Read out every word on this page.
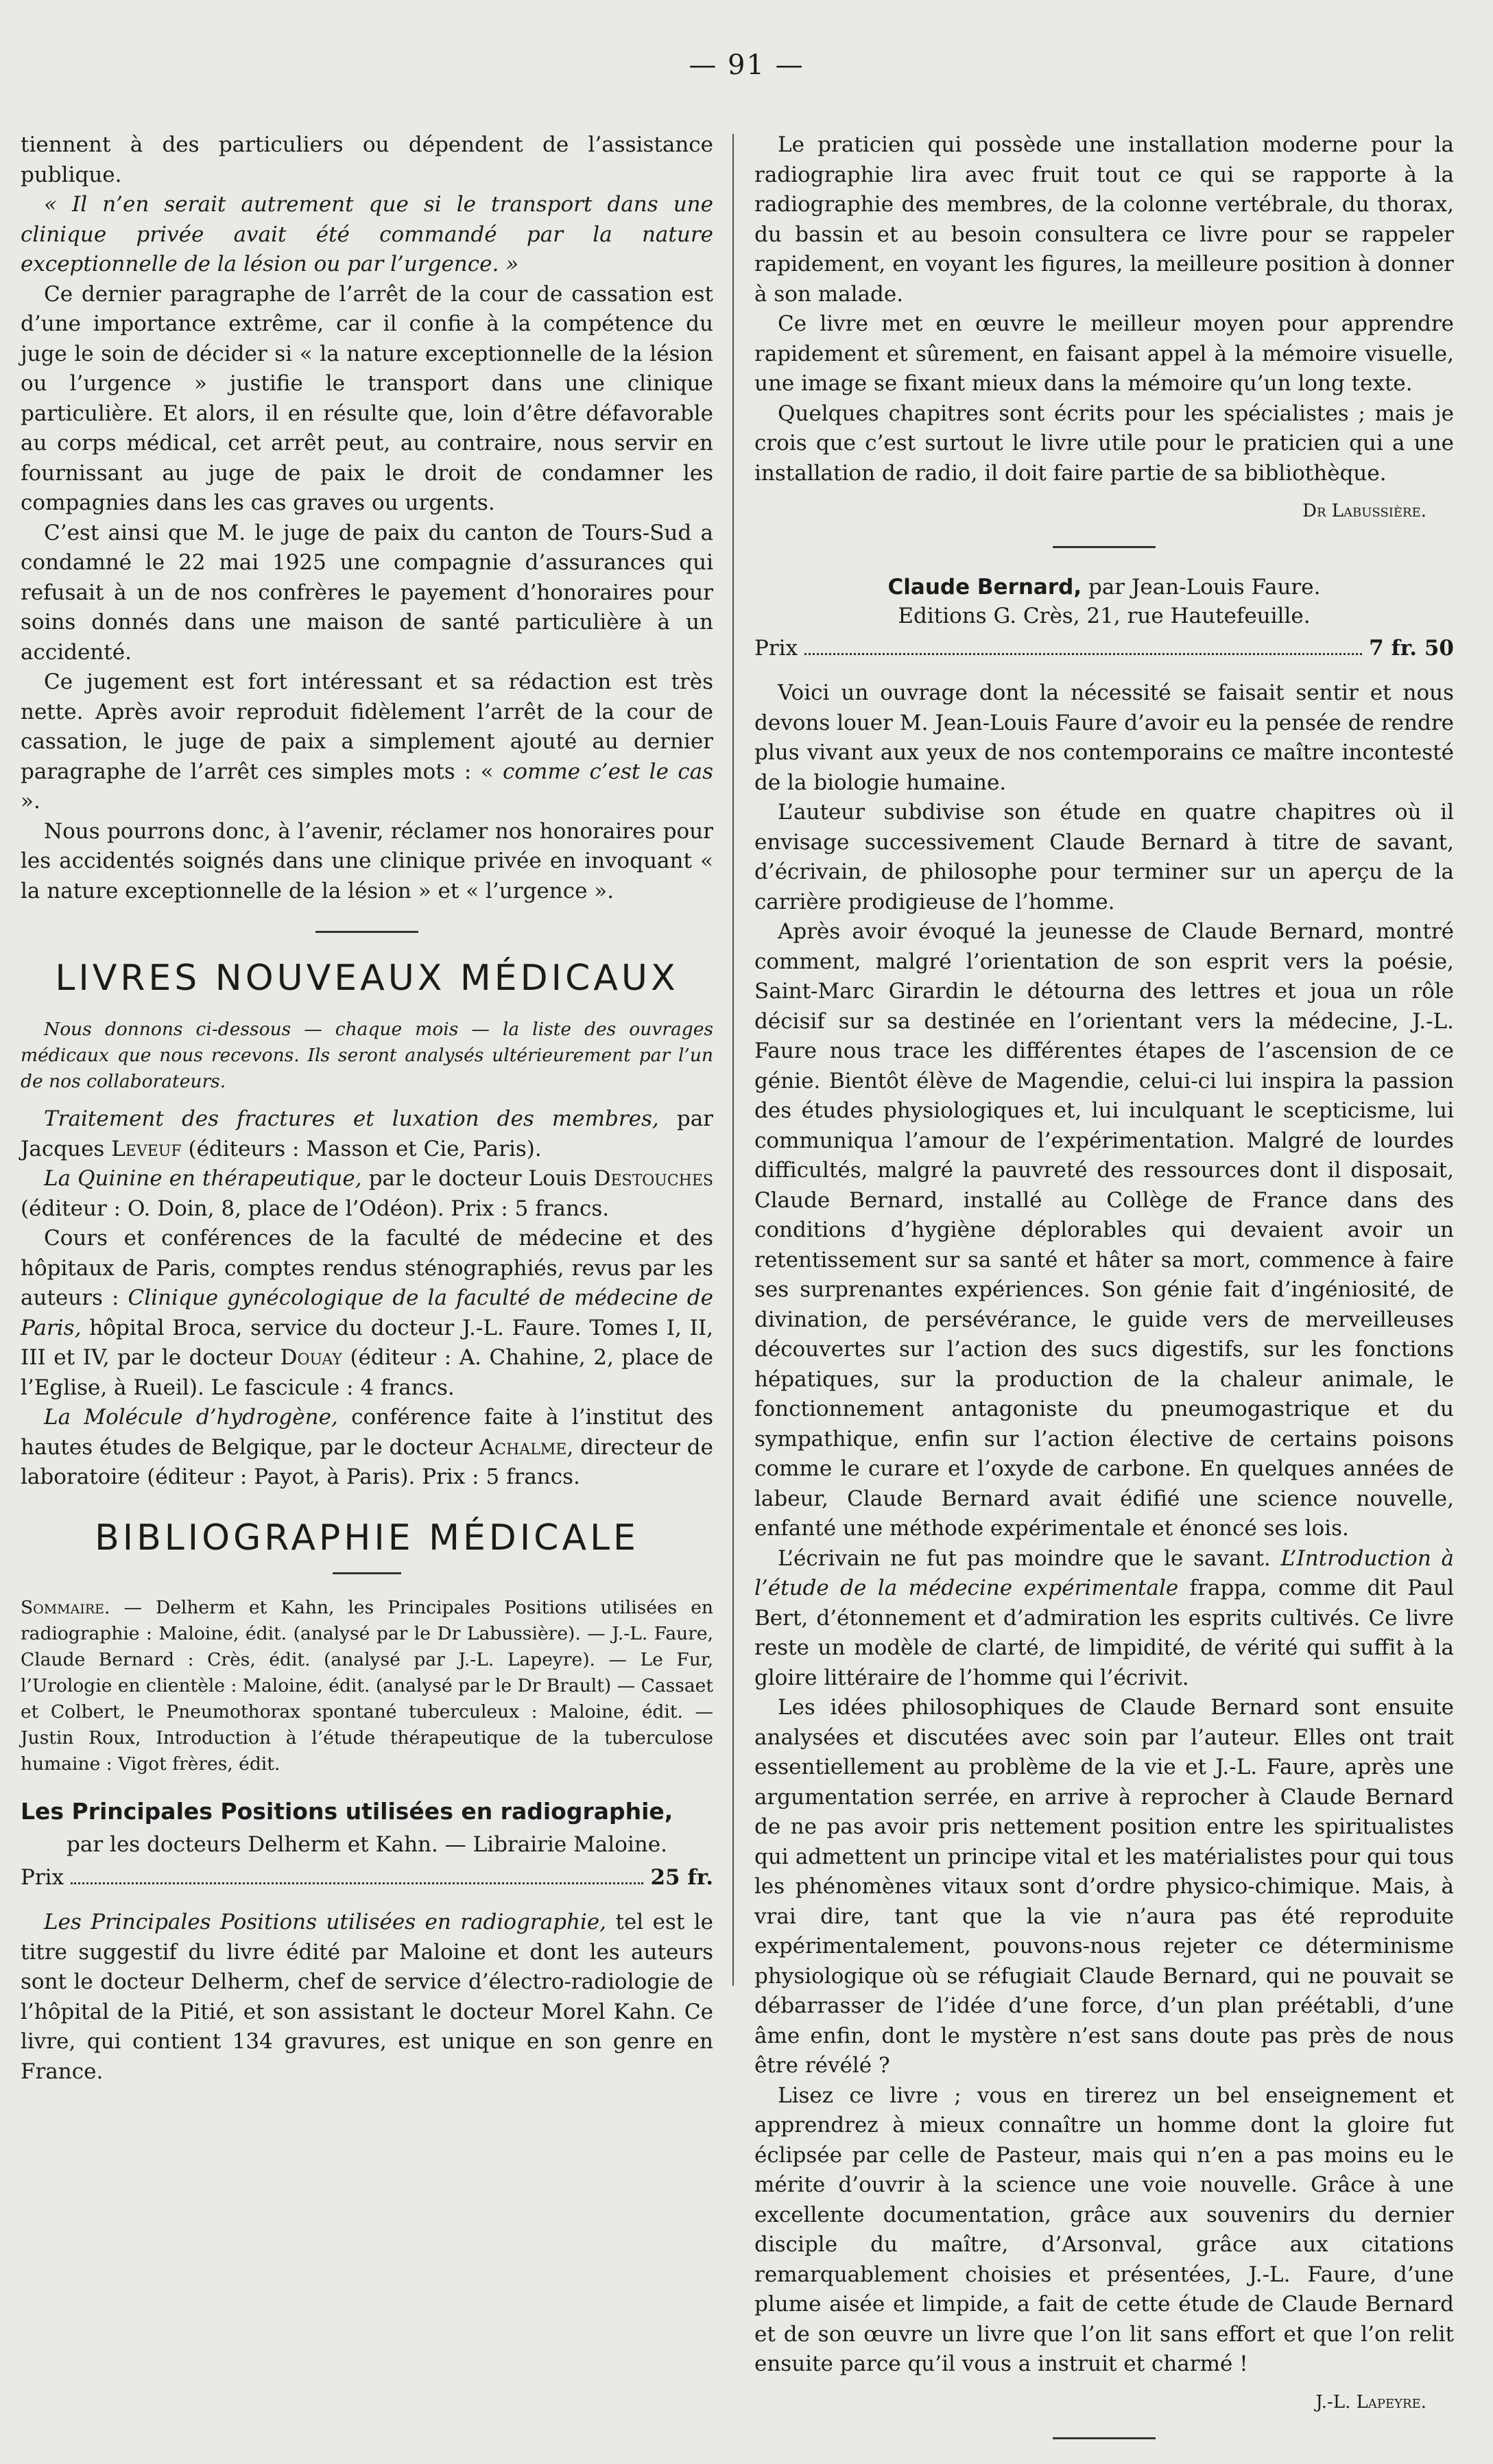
— 91 —

tiennent à des particuliers ou dépendent de l’assistance publique.

« Il n’en serait autrement que si le transport dans une clinique privée avait été commandé par la nature exceptionnelle de la lésion ou par l’urgence. »

Ce dernier paragraphe de l’arrêt de la cour de cassation est d’une importance extrême, car il confie à la compétence du juge le soin de décider si « la nature exceptionnelle de la lésion ou l’urgence » justifie le transport dans une clinique particulière. Et alors, il en résulte que, loin d’être défavorable au corps médical, cet arrêt peut, au contraire, nous servir en fournissant au juge de paix le droit de condamner les compagnies dans les cas graves ou urgents.

C’est ainsi que M. le juge de paix du canton de Tours-Sud a condamné le 22 mai 1925 une compagnie d’assurances qui refusait à un de nos confrères le payement d’honoraires pour soins donnés dans une maison de santé particulière à un accidenté.

Ce jugement est fort intéressant et sa rédaction est très nette. Après avoir reproduit fidèlement l’arrêt de la cour de cassation, le juge de paix a simplement ajouté au dernier paragraphe de l’arrêt ces simples mots : « comme c’est le cas ».

Nous pourrons donc, à l’avenir, réclamer nos honoraires pour les accidentés soignés dans une clinique privée en invoquant « la nature exceptionnelle de la lésion » et « l’urgence ».

LIVRES NOUVEAUX MÉDICAUX

Nous donnons ci-dessous — chaque mois — la liste des ouvrages médicaux que nous recevons. Ils seront analysés ultérieurement par l’un de nos collaborateurs.

Traitement des fractures et luxation des membres, par Jacques Leveuf (éditeurs : Masson et Cie, Paris).

La Quinine en thérapeutique, par le docteur Louis Destouches (éditeur : O. Doin, 8, place de l’Odéon). Prix : 5 francs.

Cours et conférences de la faculté de médecine et des hôpitaux de Paris, comptes rendus sténographiés, revus par les auteurs : Clinique gynécologique de la faculté de médecine de Paris, hôpital Broca, service du docteur J.-L. Faure. Tomes I, II, III et IV, par le docteur Douay (éditeur : A. Chahine, 2, place de l’Eglise, à Rueil). Le fascicule : 4 francs.

La Molécule d’hydrogène, conférence faite à l’institut des hautes études de Belgique, par le docteur Achalme, directeur de laboratoire (éditeur : Payot, à Paris). Prix : 5 francs.

BIBLIOGRAPHIE MÉDICALE

Sommaire. — Delherm et Kahn, les Principales Positions utilisées en radiographie : Maloine, édit. (analysé par le Dr Labussière). — J.-L. Faure, Claude Bernard : Crès, édit. (analysé par J.-L. Lapeyre). — Le Fur, l’Urologie en clientèle : Maloine, édit. (analysé par le Dr Brault) — Cassaet et Colbert, le Pneumothorax spontané tuberculeux : Maloine, édit. — Justin Roux, Introduction à l’étude thérapeutique de la tuberculose humaine : Vigot frères, édit.

Les Principales Positions utilisées en radiographie,

par les docteurs Delherm et Kahn. — Librairie Maloine.

Prix	25 fr.

Les Principales Positions utilisées en radiographie, tel est le titre suggestif du livre édité par Maloine et dont les auteurs sont le docteur Delherm, chef de service d’électro-radiologie de l’hôpital de la Pitié, et son assistant le docteur Morel Kahn. Ce livre, qui contient 134 gravures, est unique en son genre en France.

Le praticien qui possède une installation moderne pour la radiographie lira avec fruit tout ce qui se rapporte à la radiographie des membres, de la colonne vertébrale, du thorax, du bassin et au besoin consultera ce livre pour se rappeler rapidement, en voyant les figures, la meilleure position à donner à son malade.

Ce livre met en œuvre le meilleur moyen pour apprendre rapidement et sûrement, en faisant appel à la mémoire visuelle, une image se fixant mieux dans la mémoire qu’un long texte.

Quelques chapitres sont écrits pour les spécialistes ; mais je crois que c’est surtout le livre utile pour le praticien qui a une installation de radio, il doit faire partie de sa bibliothèque.

Dr Labussière.
Claude Bernard, par Jean-Louis Faure.
Editions G. Crès, 21, rue Hautefeuille.
Prix	7 fr. 50

Voici un ouvrage dont la nécessité se faisait sentir et nous devons louer M. Jean-Louis Faure d’avoir eu la pensée de rendre plus vivant aux yeux de nos contemporains ce maître incontesté de la biologie humaine.

L’auteur subdivise son étude en quatre chapitres où il envisage successivement Claude Bernard à titre de savant, d’écrivain, de philosophe pour terminer sur un aperçu de la carrière prodigieuse de l’homme.

Après avoir évoqué la jeunesse de Claude Bernard, montré comment, malgré l’orientation de son esprit vers la poésie, Saint-Marc Girardin le détourna des lettres et joua un rôle décisif sur sa destinée en l’orientant vers la médecine, J.-L. Faure nous trace les différentes étapes de l’ascension de ce génie. Bientôt élève de Magendie, celui-ci lui inspira la passion des études physiologiques et, lui inculquant le scepticisme, lui communiqua l’amour de l’expérimentation. Malgré de lourdes difficultés, malgré la pauvreté des ressources dont il disposait, Claude Bernard, installé au Collège de France dans des conditions d’hygiène déplorables qui devaient avoir un retentissement sur sa santé et hâter sa mort, commence à faire ses surprenantes expériences. Son génie fait d’ingéniosité, de divination, de persévérance, le guide vers de merveilleuses découvertes sur l’action des sucs digestifs, sur les fonctions hépatiques, sur la production de la chaleur animale, le fonctionnement antagoniste du pneumogastrique et du sympathique, enfin sur l’action élective de certains poisons comme le curare et l’oxyde de carbone. En quelques années de labeur, Claude Bernard avait édifié une science nouvelle, enfanté une méthode expérimentale et énoncé ses lois.

L’écrivain ne fut pas moindre que le savant. L’Introduction à l’étude de la médecine expérimentale frappa, comme dit Paul Bert, d’étonnement et d’admiration les esprits cultivés. Ce livre reste un modèle de clarté, de limpidité, de vérité qui suffit à la gloire littéraire de l’homme qui l’écrivit.

Les idées philosophiques de Claude Bernard sont ensuite analysées et discutées avec soin par l’auteur. Elles ont trait essentiellement au problème de la vie et J.-L. Faure, après une argumentation serrée, en arrive à reprocher à Claude Bernard de ne pas avoir pris nettement position entre les spiritualistes qui admettent un principe vital et les matérialistes pour qui tous les phénomènes vitaux sont d’ordre physico-chimique. Mais, à vrai dire, tant que la vie n’aura pas été reproduite expérimentalement, pouvons-nous rejeter ce déterminisme physiologique où se réfugiait Claude Bernard, qui ne pouvait se débarrasser de l’idée d’une force, d’un plan préétabli, d’une âme enfin, dont le mystère n’est sans doute pas près de nous être révélé ?

Lisez ce livre ; vous en tirerez un bel enseignement et apprendrez à mieux connaître un homme dont la gloire fut éclipsée par celle de Pasteur, mais qui n’en a pas moins eu le mérite d’ouvrir à la science une voie nouvelle. Grâce à une excellente documentation, grâce aux souvenirs du dernier disciple du maître, d’Arsonval, grâce aux citations remarquablement choisies et présentées, J.-L. Faure, d’une plume aisée et limpide, a fait de cette étude de Claude Bernard et de son œuvre un livre que l’on lit sans effort et que l’on relit ensuite parce qu’il vous a instruit et charmé !

J.-L. Lapeyre.
